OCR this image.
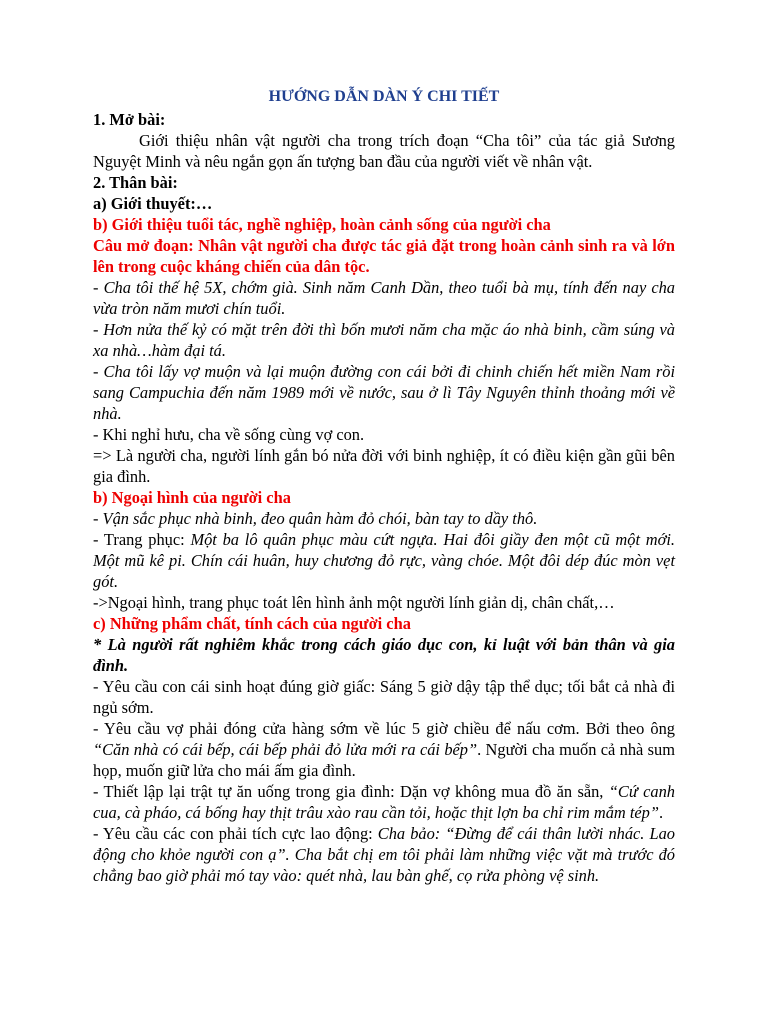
HƯỚNG DẪN DÀN Ý CHI TIẾT

1. Mở bài:

Giới thiệu nhân vật người cha trong trích đoạn “Cha tôi” của tác giả Sương Nguyệt Minh và nêu ngắn gọn ấn tượng ban đầu của người viết về nhân vật.

2. Thân bài:

a) Giới thuyết:…

b) Giới thiệu tuổi tác, nghề nghiệp, hoàn cảnh sống của người cha

Câu mở đoạn: Nhân vật người cha được tác giả đặt trong hoàn cảnh sinh ra và lớn lên trong cuộc kháng chiến của dân tộc.

- Cha tôi thế hệ 5X, chớm già. Sinh năm Canh Dần, theo tuổi bà mụ, tính đến nay cha vừa tròn năm mươi chín tuổi.

- Hơn nửa thế kỷ có mặt trên đời thì bốn mươi năm cha mặc áo nhà binh, cầm súng và xa nhà…hàm đại tá.

- Cha tôi lấy vợ muộn và lại muộn đường con cái bởi đi chinh chiến hết miền Nam rồi sang Campuchia đến năm 1989 mới về nước, sau ở lì Tây Nguyên thỉnh thoảng mới về nhà.

- Khi nghỉ hưu, cha về sống cùng vợ con.

=> Là người cha, người lính gắn bó nửa đời với binh nghiệp, ít có điều kiện gần gũi bên gia đình.

b) Ngoại hình của người cha

- Vận sắc phục nhà binh, đeo quân hàm đỏ chói, bàn tay to dầy thô.

- Trang phục: Một ba lô quân phục màu cứt ngựa. Hai đôi giầy đen một cũ một mới. Một mũ kê pi. Chín cái huân, huy chương đỏ rực, vàng chóe. Một đôi dép đúc mòn vẹt gót.

->Ngoại hình, trang phục toát lên hình ảnh một người lính giản dị, chân chất,…

c) Những phẩm chất, tính cách của người cha

* Là người rất nghiêm khắc trong cách giáo dục con, kỉ luật với bản thân và gia đình.

- Yêu cầu con cái sinh hoạt đúng giờ giấc: Sáng 5 giờ dậy tập thể dục; tối bắt cả nhà đi ngủ sớm.

- Yêu cầu vợ phải đóng cửa hàng sớm về lúc 5 giờ chiều để nấu cơm. Bởi theo ông “Căn nhà có cái bếp, cái bếp phải đỏ lửa mới ra cái bếp”. Người cha muốn cả nhà sum họp, muốn giữ lửa cho mái ấm gia đình.

- Thiết lập lại trật tự ăn uống trong gia đình: Dặn vợ không mua đồ ăn sẵn, “Cứ canh cua, cà pháo, cá bống hay thịt trâu xào rau cần tỏi, hoặc thịt lợn ba chỉ rim mắm tép”.

- Yêu cầu các con phải tích cực lao động: Cha bảo: “Đừng để cái thân lười nhác. Lao động cho khỏe người con ạ”. Cha bắt chị em tôi phải làm những việc vặt mà trước đó chẳng bao giờ phải mó tay vào: quét nhà, lau bàn ghế, cọ rửa phòng vệ sinh.
